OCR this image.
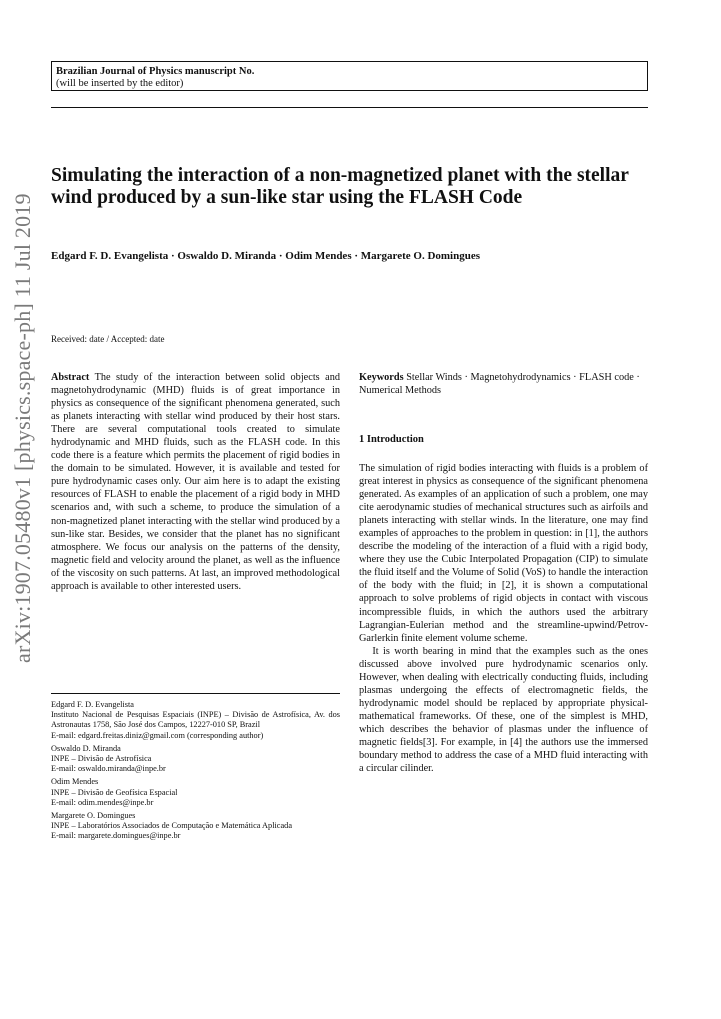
Brazilian Journal of Physics manuscript No.
(will be inserted by the editor)
Simulating the interaction of a non-magnetized planet with the stellar wind produced by a sun-like star using the FLASH Code
Edgard F. D. Evangelista · Oswaldo D. Miranda · Odim Mendes · Margarete O. Domingues
Received: date / Accepted: date
arXiv:1907.05480v1 [physics.space-ph] 11 Jul 2019 Abstract The study of the interaction between solid objects and magnetohydrodynamic (MHD) fluids is of great importance in physics as consequence of the significant phenomena generated, such as planets interacting with stellar wind produced by their host stars. There are several computational tools created to simulate hydrodynamic and MHD fluids, such as the FLASH code. In this code there is a feature which permits the placement of rigid bodies in the domain to be simulated. However, it is available and tested for pure hydrodynamic cases only. Our aim here is to adapt the existing resources of FLASH to enable the placement of a rigid body in MHD scenarios and, with such a scheme, to produce the simulation of a non-magnetized planet interacting with the stellar wind produced by a sun-like star. Besides, we consider that the planet has no significant atmosphere. We focus our analysis on the patterns of the density, magnetic field and velocity around the planet, as well as the influence of the viscosity on such patterns. At last, an improved methodological approach is available to other interested users.

Edgard F. D. Evangelista
Instituto Nacional de Pesquisas Espaciais (INPE) – Divisão de Astrofísica, Av. dos Astronautas 1758, São José dos Campos, 12227-010 SP, Brazil
E-mail: edgard.freitas.diniz@gmail.com (corresponding author)
Oswaldo D. Miranda
INPE – Divisão de Astrofísica
E-mail: oswaldo.miranda@inpe.br
Odim Mendes
INPE – Divisão de Geofísica Espacial
E-mail: odim.mendes@inpe.br
Margarete O. Domingues
INPE – Laboratórios Associados de Computação e Matemática Aplicada
E-mail: margarete.domingues@inpe.br

Keywords Stellar Winds · Magnetohydrodynamics · FLASH code · Numerical Methods

1 Introduction

The simulation of rigid bodies interacting with fluids is a problem of great interest in physics as consequence of the significant phenomena generated. As examples of an application of such a problem, one may cite aerodynamic studies of mechanical structures such as airfoils and planets interacting with stellar winds. In the literature, one may find examples of approaches to the problem in question: in [1], the authors describe the modeling of the interaction of a fluid with a rigid body, where they use the Cubic Interpolated Propagation (CIP) to simulate the fluid itself and the Volume of Solid (VoS) to handle the interaction of the body with the fluid; in [2], it is shown a computational approach to solve problems of rigid objects in contact with viscous incompressible fluids, in which the authors used the arbitrary Lagrangian-Eulerian method and the streamline-upwind/Petrov-Garlerkin finite element volume scheme.

It is worth bearing in mind that the examples such as the ones discussed above involved pure hydrodynamic scenarios only. However, when dealing with electrically conducting fluids, including plasmas undergoing the effects of electromagnetic fields, the hydrodynamic model should be replaced by appropriate physical-mathematical frameworks. Of these, one of the simplest is MHD, which describes the behavior of plasmas under the influence of magnetic fields[3]. For example, in [4] the authors use the immersed boundary method to address the case of a MHD fluid interacting with a circular cilinder.
